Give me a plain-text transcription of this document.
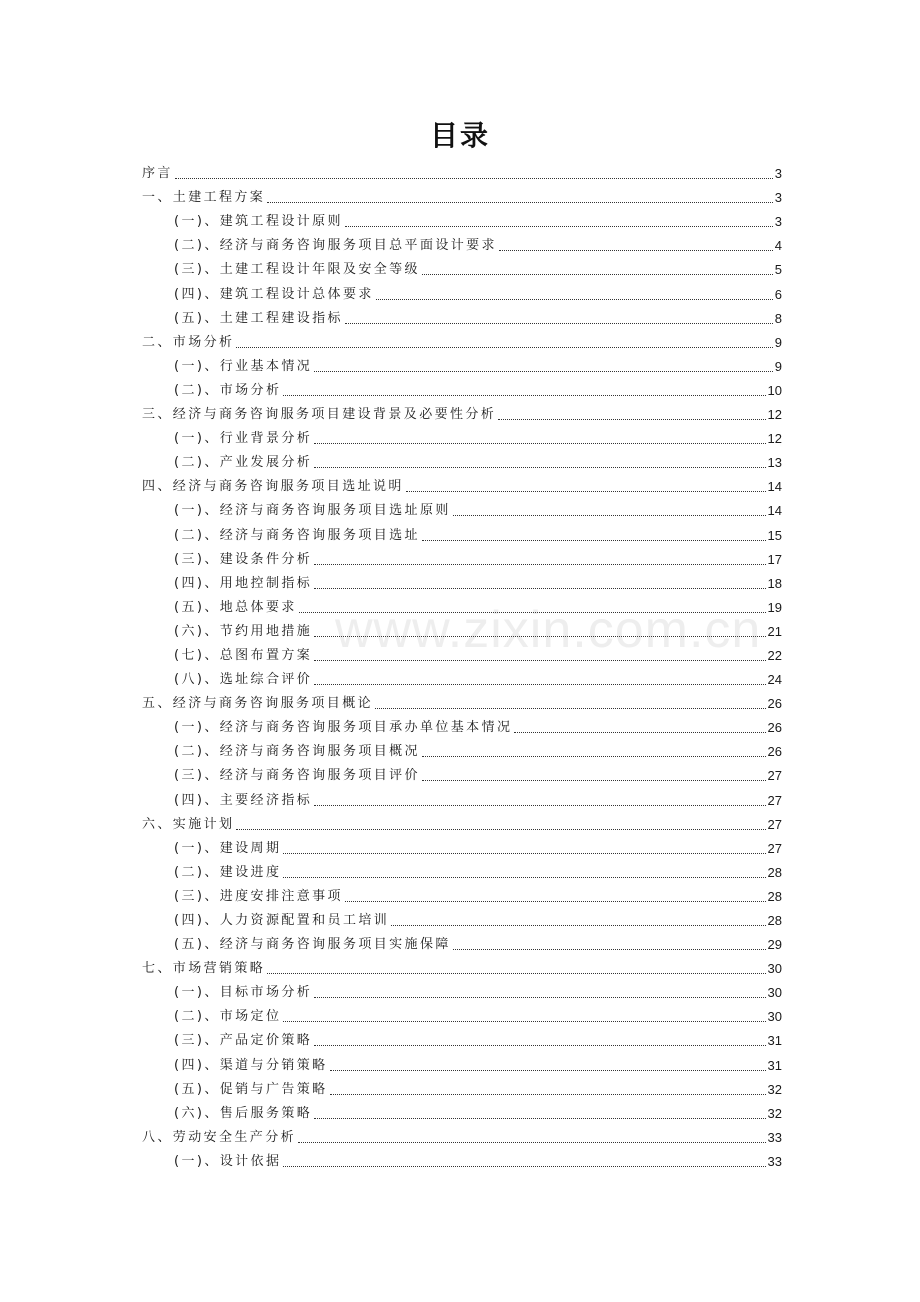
目录
序言	3
一、土建工程方案	3
(一)、建筑工程设计原则	3
(二)、经济与商务咨询服务项目总平面设计要求	4
(三)、土建工程设计年限及安全等级	5
(四)、建筑工程设计总体要求	6
(五)、土建工程建设指标	8
二、市场分析	9
(一)、行业基本情况	9
(二)、市场分析	10
三、经济与商务咨询服务项目建设背景及必要性分析	12
(一)、行业背景分析	12
(二)、产业发展分析	13
四、经济与商务咨询服务项目选址说明	14
(一)、经济与商务咨询服务项目选址原则	14
(二)、经济与商务咨询服务项目选址	15
(三)、建设条件分析	17
(四)、用地控制指标	18
(五)、地总体要求	19
(六)、节约用地措施	21
(七)、总图布置方案	22
(八)、选址综合评价	24
五、经济与商务咨询服务项目概论	26
(一)、经济与商务咨询服务项目承办单位基本情况	26
(二)、经济与商务咨询服务项目概况	26
(三)、经济与商务咨询服务项目评价	27
(四)、主要经济指标	27
六、实施计划	27
(一)、建设周期	27
(二)、建设进度	28
(三)、进度安排注意事项	28
(四)、人力资源配置和员工培训	28
(五)、经济与商务咨询服务项目实施保障	29
七、市场营销策略	30
(一)、目标市场分析	30
(二)、市场定位	30
(三)、产品定价策略	31
(四)、渠道与分销策略	31
(五)、促销与广告策略	32
(六)、售后服务策略	32
八、劳动安全生产分析	33
(一)、设计依据	33
www.zixin.com.cn
